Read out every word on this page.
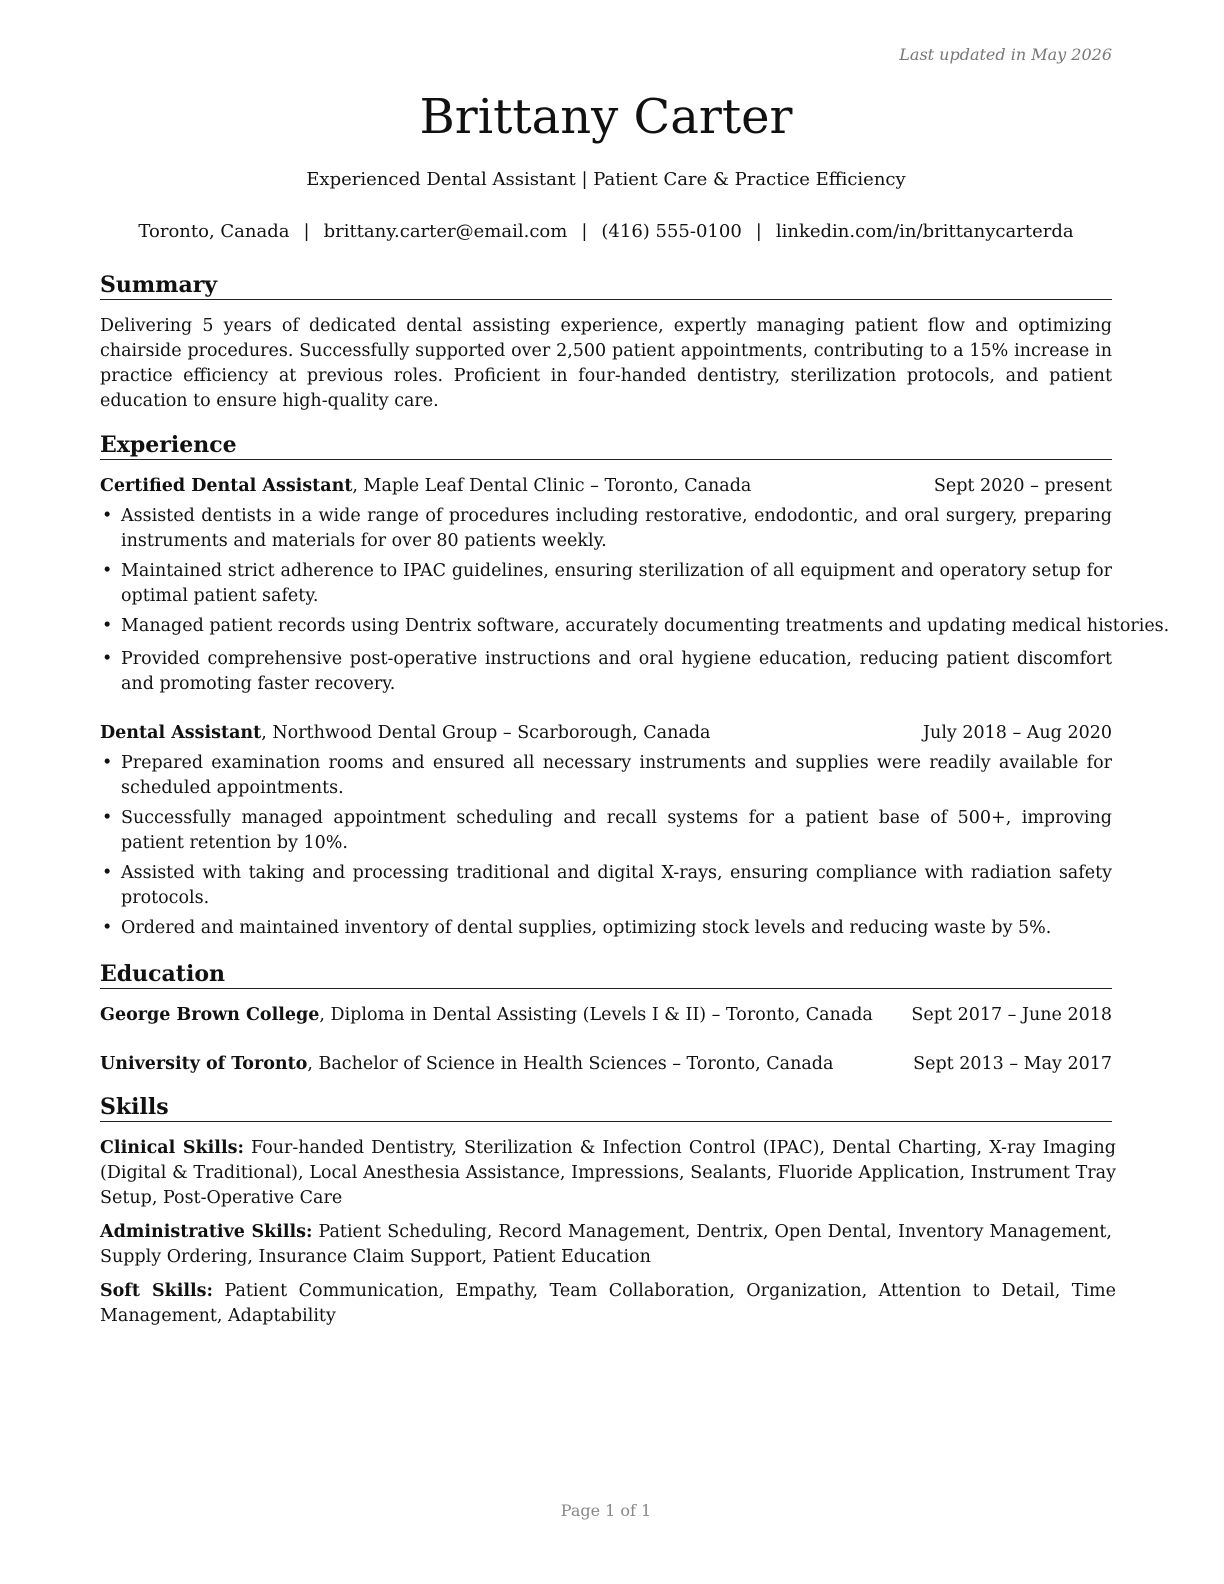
Last updated in May 2026
Brittany Carter
Experienced Dental Assistant | Patient Care & Practice Efficiency
Toronto, Canada | brittany.carter@email.com | (416) 555-0100 | linkedin.com/in/brittanycarterda
Summary
Delivering 5 years of dedicated dental assisting experience, expertly managing patient flow and optimizing chairside procedures. Successfully supported over 2,500 patient appointments, contributing to a 15% increase in practice efficiency at previous roles. Proficient in four-handed dentistry, sterilization protocols, and patient education to ensure high-quality care.
Experience
Certified Dental Assistant, Maple Leaf Dental Clinic – Toronto, Canada	Sept 2020 – present
• Assisted dentists in a wide range of procedures including restorative, endodontic, and oral surgery, preparing instruments and materials for over 80 patients weekly.
• Maintained strict adherence to IPAC guidelines, ensuring sterilization of all equipment and operatory setup for optimal patient safety.
• Managed patient records using Dentrix software, accurately documenting treatments and updating medical histories.
• Provided comprehensive post-operative instructions and oral hygiene education, reducing patient discomfort and promoting faster recovery.
Dental Assistant, Northwood Dental Group – Scarborough, Canada	July 2018 – Aug 2020
• Prepared examination rooms and ensured all necessary instruments and supplies were readily available for scheduled appointments.
• Successfully managed appointment scheduling and recall systems for a patient base of 500+, improving patient retention by 10%.
• Assisted with taking and processing traditional and digital X-rays, ensuring compliance with radiation safety protocols.
• Ordered and maintained inventory of dental supplies, optimizing stock levels and reducing waste by 5%.
Education
George Brown College, Diploma in Dental Assisting (Levels I & II) – Toronto, Canada Sept 2017 – June 2018
University of Toronto, Bachelor of Science in Health Sciences – Toronto, Canada	Sept 2013 – May 2017
Skills
Clinical Skills: Four-handed Dentistry, Sterilization & Infection Control (IPAC), Dental Charting, X-ray Imaging (Digital & Traditional), Local Anesthesia Assistance, Impressions, Sealants, Fluoride Application, Instrument Tray Setup, Post-Operative Care
Administrative Skills: Patient Scheduling, Record Management, Dentrix, Open Dental, Inventory Management, Supply Ordering, Insurance Claim Support, Patient Education
Soft Skills: Patient Communication, Empathy, Team Collaboration, Organization, Attention to Detail, Time Management, Adaptability
Page 1 of 1
